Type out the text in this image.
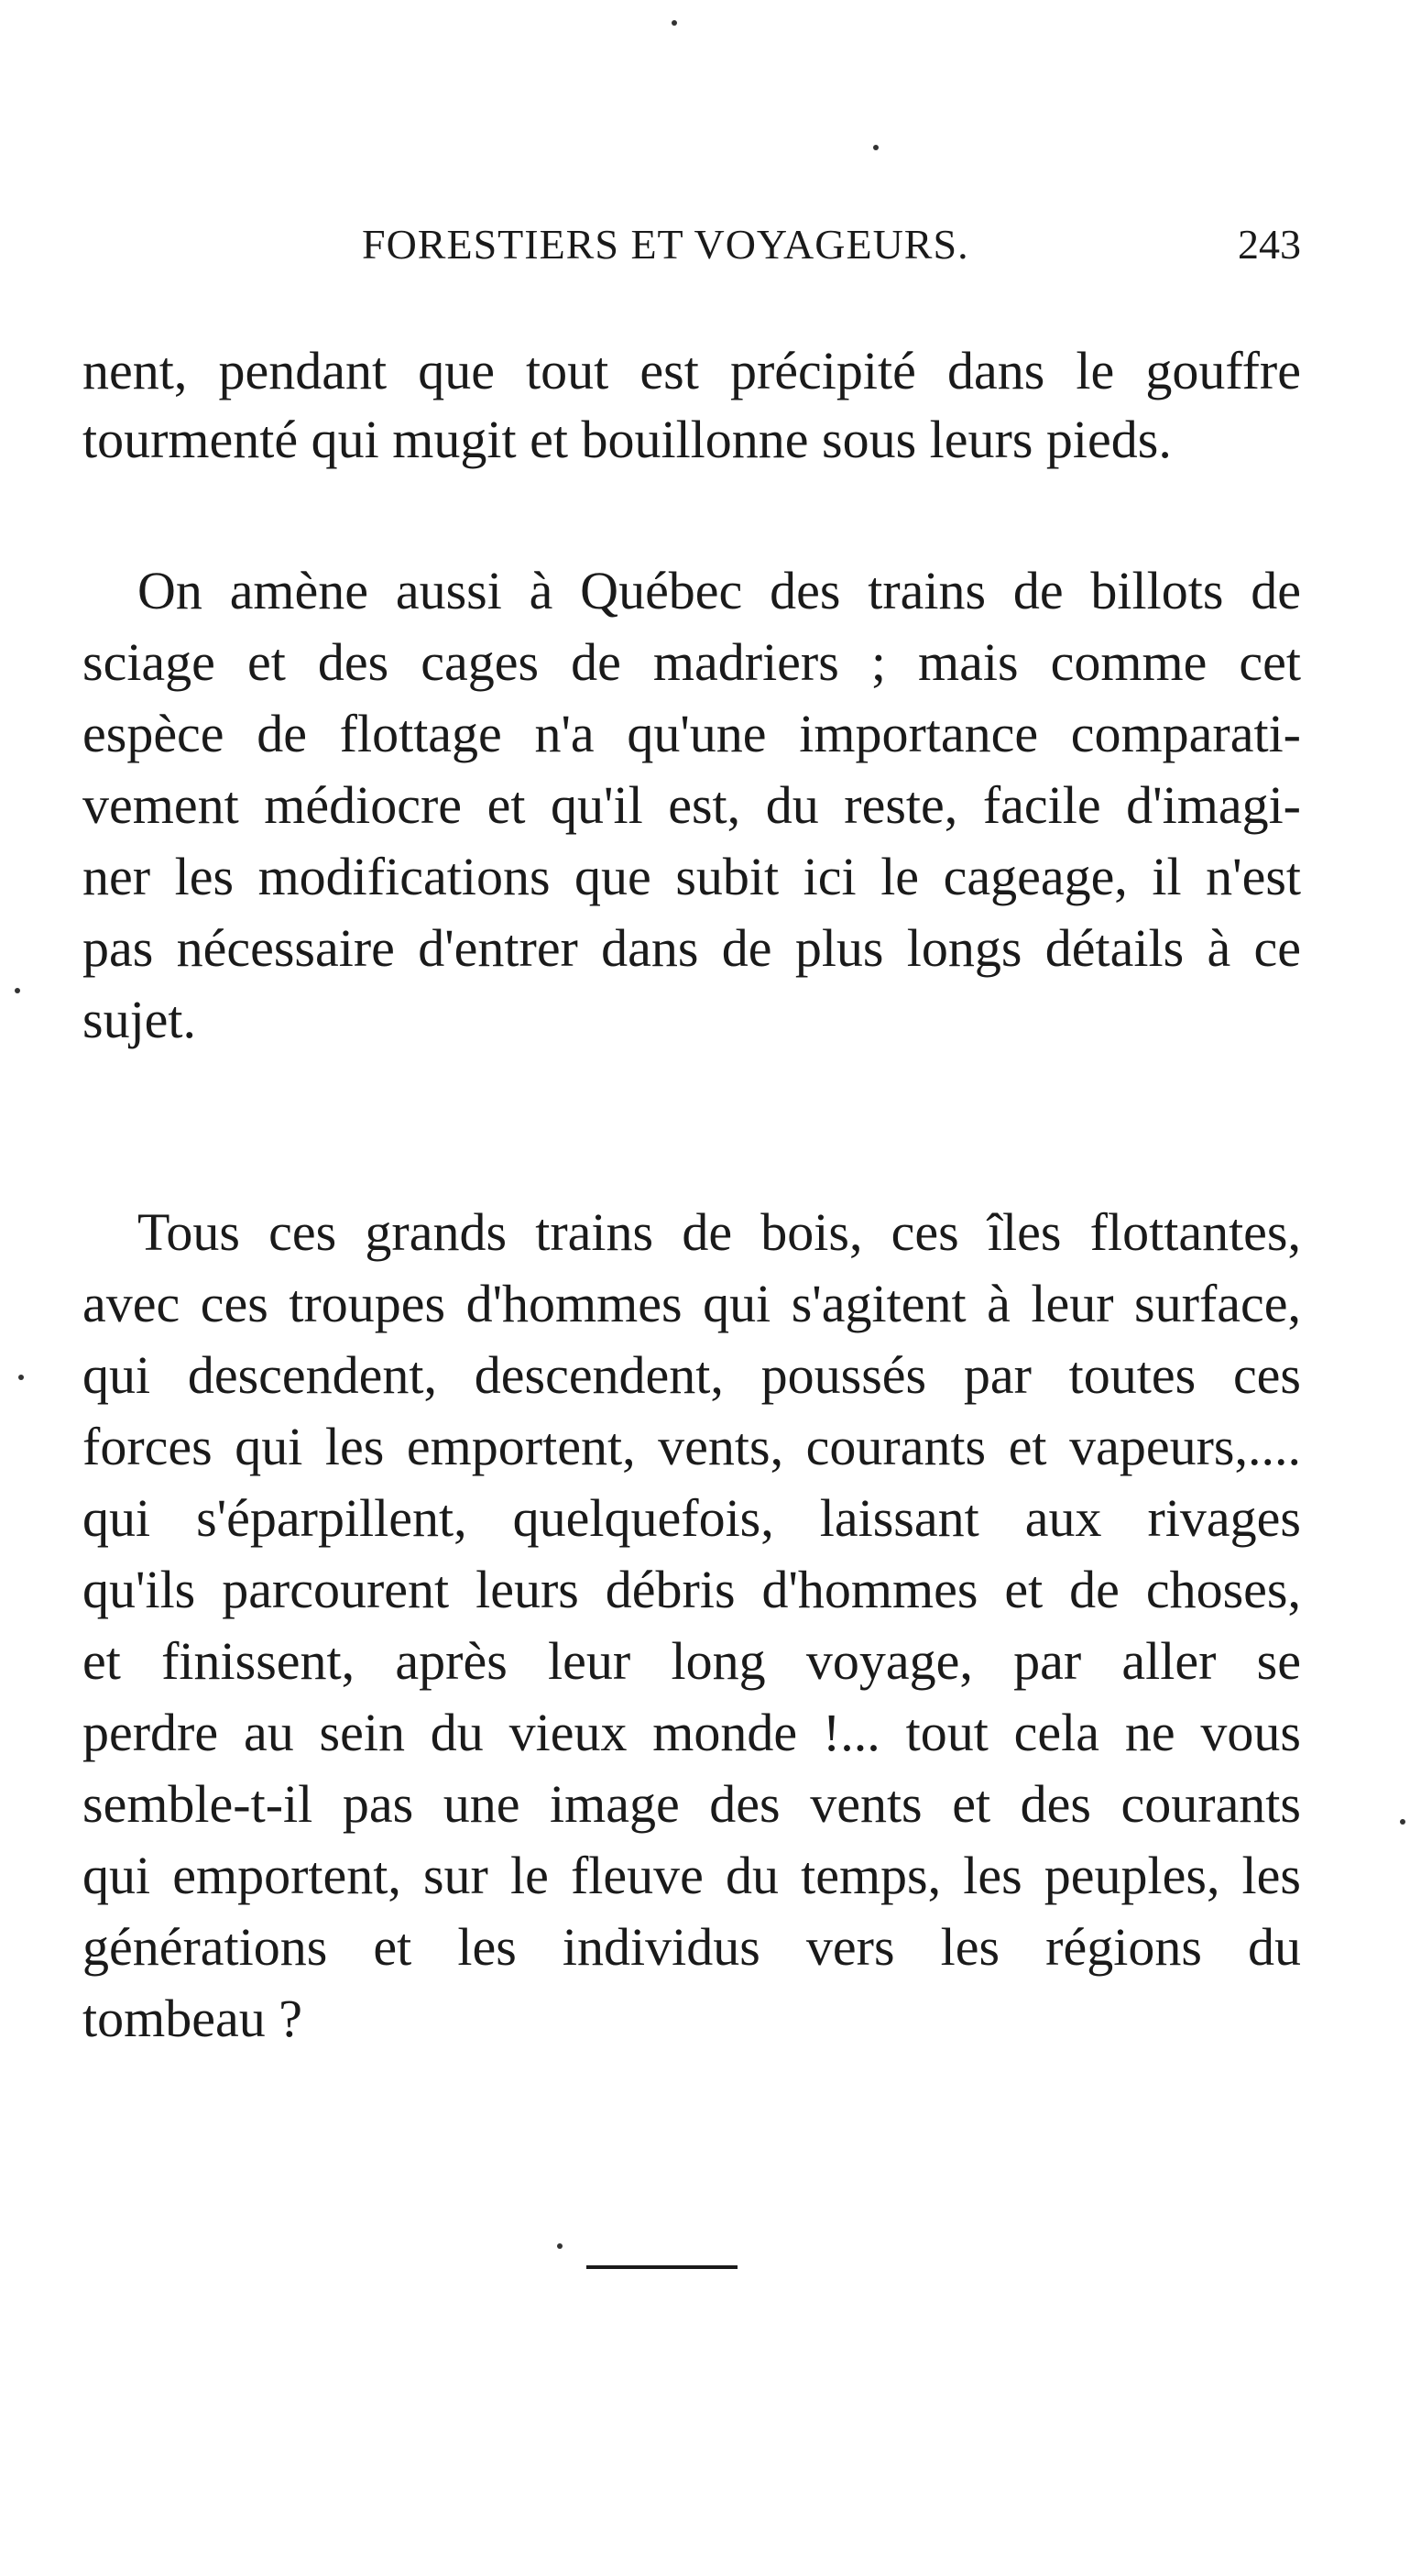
FORESTIERS ET VOYAGEURS.	243
nent, pendant que tout est précipité dans le gouffre
tourmenté qui mugit et bouillonne sous leurs pieds.
On amène aussi à Québec des trains de billots de
sciage et des cages de madriers ; mais comme cet
espèce de flottage n'a qu'une importance comparati-
vement médiocre et qu'il est, du reste, facile d'imagi-
ner les modifications que subit ici le cageage, il n'est
pas nécessaire d'entrer dans de plus longs détails à ce
sujet.
Tous ces grands trains de bois, ces îles flottantes,
avec ces troupes d'hommes qui s'agitent à leur surface,
qui descendent, descendent, poussés par toutes ces
forces qui les emportent, vents, courants et vapeurs,....
qui s'éparpillent, quelquefois, laissant aux rivages
qu'ils parcourent leurs débris d'hommes et de choses,
et finissent, après leur long voyage, par aller se
perdre au sein du vieux monde !... tout cela ne vous
semble-t-il pas une image des vents et des courants
qui emportent, sur le fleuve du temps, les peuples, les
générations et les individus vers les régions du
tombeau ?
